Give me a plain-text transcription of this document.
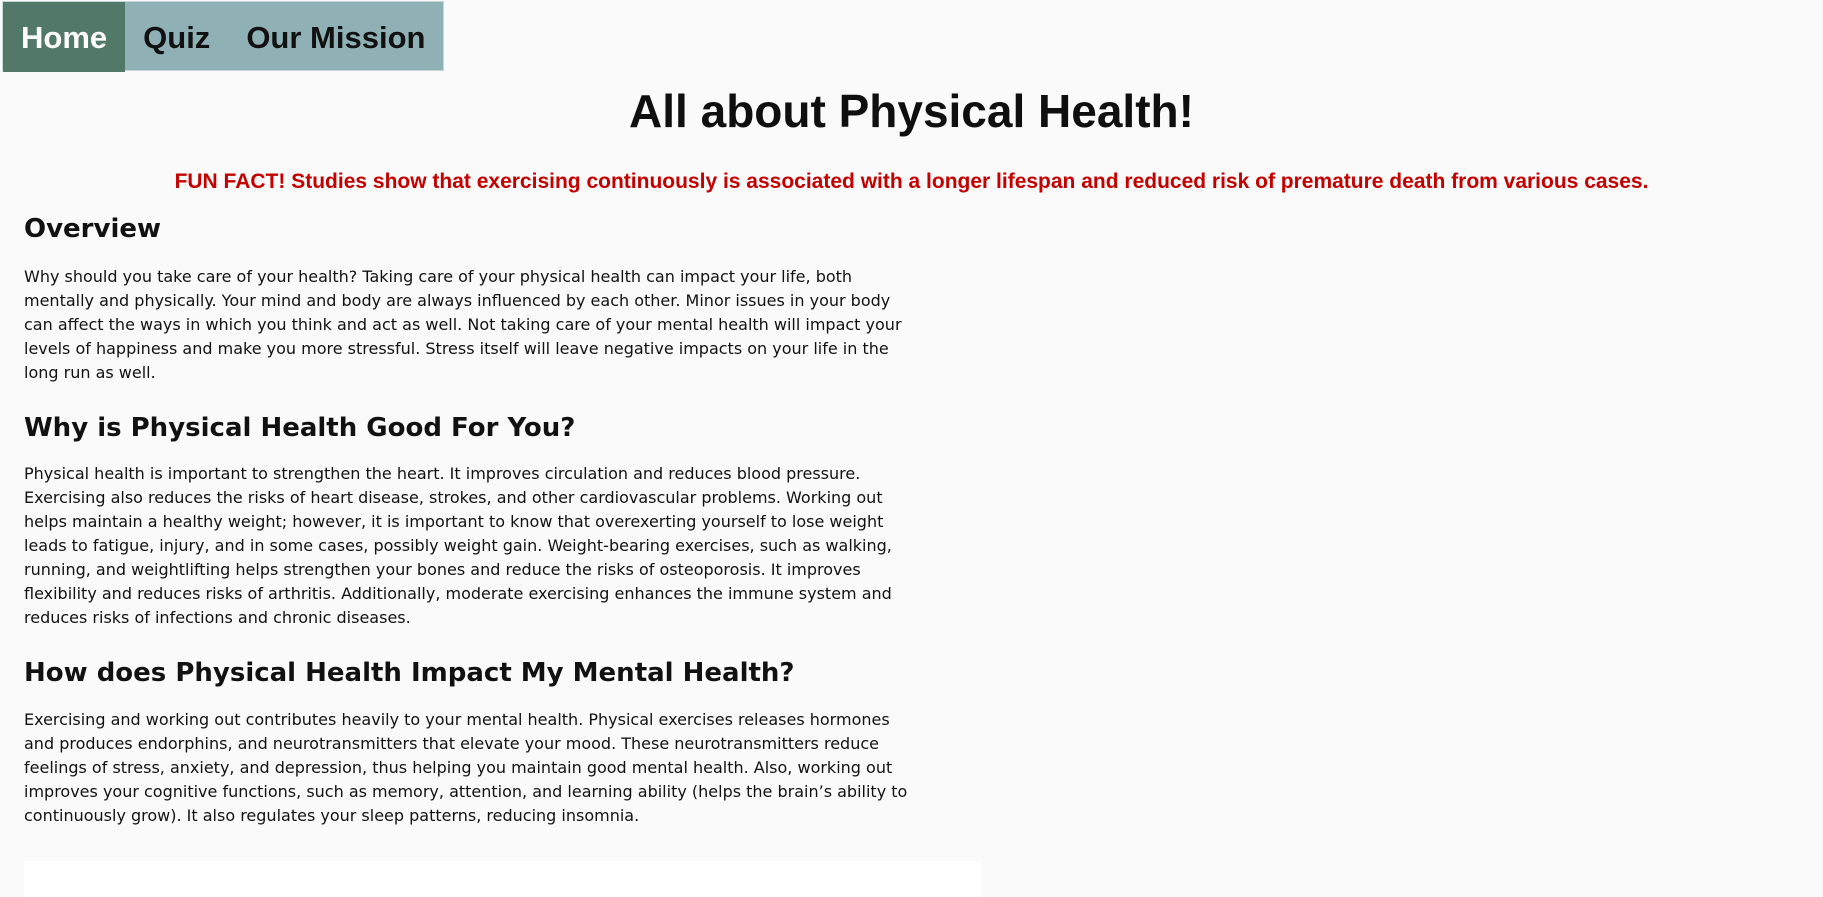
Home	Quiz	Our Mission
All about Physical Health!

FUN FACT! Studies show that exercising continuously is associated with a longer lifespan and reduced risk of premature death from various cases.

Overview

Why should you take care of your health? Taking care of your physical health can impact your life, both mentally and physically. Your mind and body are always influenced by each other. Minor issues in your body can affect the ways in which you think and act as well. Not taking care of your mental health will impact your levels of happiness and make you more stressful. Stress itself will leave negative impacts on your life in the long run as well.

Why is Physical Health Good For You?

Physical health is important to strengthen the heart. It improves circulation and reduces blood pressure. Exercising also reduces the risks of heart disease, strokes, and other cardiovascular problems. Working out helps maintain a healthy weight; however, it is important to know that overexerting yourself to lose weight leads to fatigue, injury, and in some cases, possibly weight gain. Weight-bearing exercises, such as walking, running, and weightlifting helps strengthen your bones and reduce the risks of osteoporosis. It improves flexibility and reduces risks of arthritis. Additionally, moderate exercising enhances the immune system and reduces risks of infections and chronic diseases.

How does Physical Health Impact My Mental Health?

Exercising and working out contributes heavily to your mental health. Physical exercises releases hormones and produces endorphins, and neurotransmitters that elevate your mood. These neurotransmitters reduce feelings of stress, anxiety, and depression, thus helping you maintain good mental health. Also, working out improves your cognitive functions, such as memory, attention, and learning ability (helps the brain’s ability to continuously grow). It also regulates your sleep patterns, reducing insomnia.
